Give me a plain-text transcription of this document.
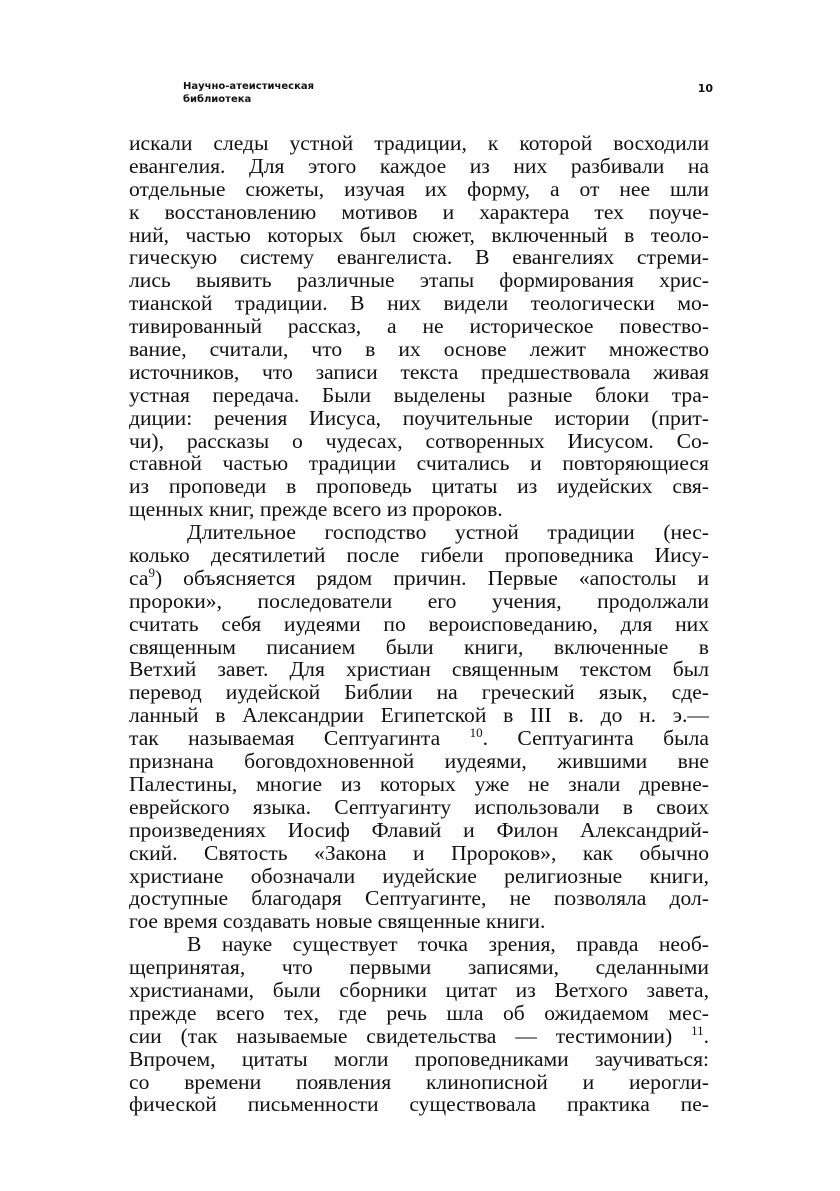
Научно-атеистическая
библиотека
10
искали следы устной традиции, к которой восходили
евангелия. Для этого каждое из них разбивали на
отдельные сюжеты, изучая их форму, а от нее шли
к восстановлению мотивов и характера тех поуче-
ний, частью которых был сюжет, включенный в теоло-
гическую систему евангелиста. В евангелиях стреми-
лись выявить различные этапы формирования хрис-
тианской традиции. В них видели теологически мо-
тивированный рассказ, а не историческое повество-
вание, считали, что в их основе лежит множество
источников, что записи текста предшествовала живая
устная передача. Были выделены разные блоки тра-
диции: речения Иисуса, поучительные истории (прит-
чи), рассказы о чудесах, сотворенных Иисусом. Со-
ставной частью традиции считались и повторяющиеся
из проповеди в проповедь цитаты из иудейских свя-
щенных книг, прежде всего из пророков.
Длительное господство устной традиции (нес-
колько десятилетий после гибели проповедника Иису-
$са^9$) объясняется рядом причин. Первые «апостолы и
пророки», последователи его учения, продолжали
считать себя иудеями по вероисповеданию, для них
священным писанием были книги, включенные в
Ветхий завет. Для христиан священным текстом был
перевод иудейской Библии на греческий язык, сде-
ланный в Александрии Египетской в III в. до н. э.—
так называемая Септуагинта $^{10}$. Септуагинта была
признана боговдохновенной иудеями, жившими вне
Палестины, многие из которых уже не знали древне-
еврейского языка. Септуагинту использовали в своих
произведениях Иосиф Флавий и Филон Александрий-
ский. Святость «Закона и Пророков», как обычно
христиане обозначали иудейские религиозные книги,
доступные благодаря Септуагинте, не позволяла дол-
гое время создавать новые священные книги.
В науке существует точка зрения, правда необ-
щепринятая, что первыми записями, сделанными
христианами, были сборники цитат из Ветхого завета,
прежде всего тех, где речь шла об ожидаемом мес-
сии (так называемые свидетельства — тестимонии) $^{11}$.
Впрочем, цитаты могли проповедниками заучиваться:
со времени появления клинописной и иерогли-
фической письменности существовала практика пе-
